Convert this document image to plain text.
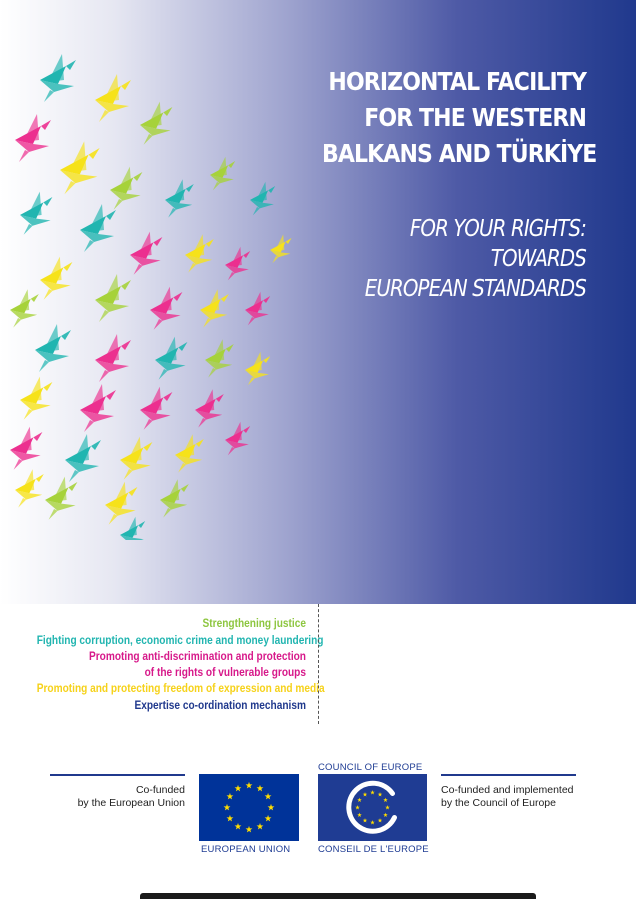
HORIZONTAL FACILITY
FOR THE WESTERN
BALKANS AND TÜRKİYE
FOR YOUR RIGHTS:
TOWARDS
EUROPEAN STANDARDS
Strengthening justice
Fighting corruption, economic crime and money laundering
Promoting anti-discrimination and protection
of the rights of vulnerable groups
Promoting and protecting freedom of expression and media
Expertise co-ordination mechanism
Co-funded
by the European Union
EUROPEAN UNION
COUNCIL OF EUROPE
CONSEIL DE L'EUROPE
Co-funded and implemented
by the Council of Europe
